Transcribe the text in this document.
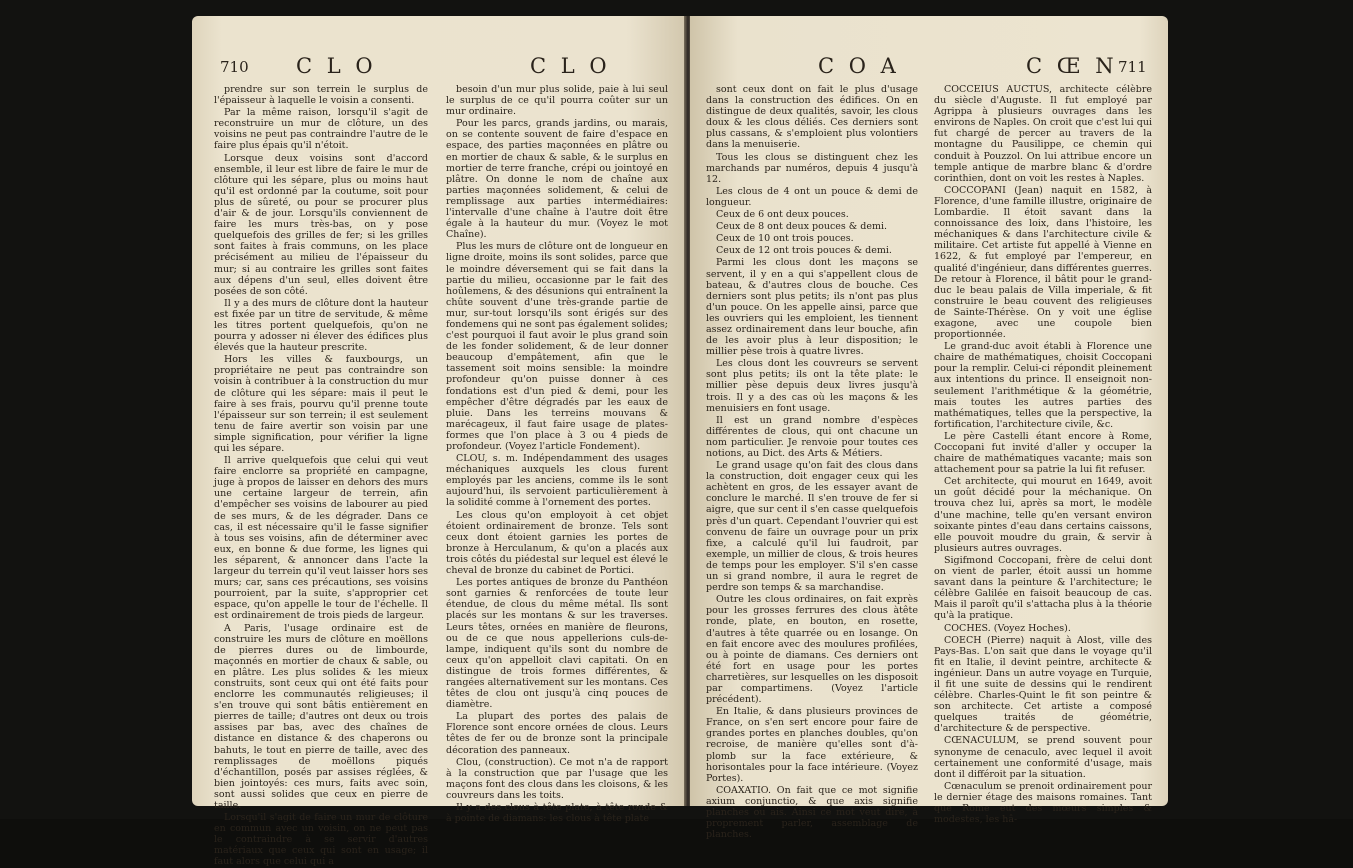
710 C L O	C L O

prendre sur son terrein le surplus de l'épaisseur à laquelle le voisin a consenti.

Par la même raison, lorsqu'il s'agit de reconstruire un mur de clôture, un des voisins ne peut pas contraindre l'autre de le faire plus épais qu'il n'étoit.

Lorsque deux voisins sont d'accord ensemble, il leur est libre de faire le mur de clôture qui les sépare, plus ou moins haut qu'il est ordonné par la coutume, soit pour plus de sûreté, ou pour se procurer plus d'air & de jour. Lorsqu'ils conviennent de faire les murs très-bas, on y pose quelquefois des grilles de fer; si les grilles sont faites à frais communs, on les place précisément au milieu de l'épaisseur du mur; si au contraire les grilles sont faites aux dépens d'un seul, elles doivent être posées de son côté.

Il y a des murs de clôture dont la hauteur est fixée par un titre de servitude, & même les titres portent quelquefois, qu'on ne pourra y adosser ni élever des édifices plus élevés que la hauteur prescrite.

Hors les villes & fauxbourgs, un propriétaire ne peut pas contraindre son voisin à contribuer à la construction du mur de clôture qui les sépare: mais il peut le faire à ses frais, pourvu qu'il prenne toute l'épaisseur sur son terrein; il est seulement tenu de faire avertir son voisin par une simple signification, pour vérifier la ligne qui les sépare.

Il arrive quelquefois que celui qui veut faire enclorre sa propriété en campagne, juge à propos de laisser en dehors des murs une certaine largeur de terrein, afin d'empêcher ses voisins de labourer au pied de ses murs, & de les dégrader. Dans ce cas, il est nécessaire qu'il le fasse signifier à tous ses voisins, afin de déterminer avec eux, en bonne & due forme, les lignes qui les séparent, & annoncer dans l'acte la largeur du terrein qu'il veut laisser hors ses murs; car, sans ces précautions, ses voisins pourroient, par la suite, s'approprier cet espace, qu'on appelle le tour de l'échelle. Il est ordinairement de trois pieds de largeur.

A Paris, l'usage ordinaire est de construire les murs de clôture en moëllons de pierres dures ou de limbourde, maçonnés en mortier de chaux & sable, ou en plâtre. Les plus solides & les mieux construits, sont ceux qui ont été faits pour enclorre les communautés religieuses; il s'en trouve qui sont bâtis entièrement en pierres de taille; d'autres ont deux ou trois assises par bas, avec des chaînes de distance en distance & des chaperons ou bahuts, le tout en pierre de taille, avec des remplissages de moëllons piqués d'échantillon, posés par assises réglées, & bien jointoyés: ces murs, faits avec soin, sont aussi solides que ceux en pierre de taille.

Lorsqu'il s'agit de faire un mur de clôture en commun avec un voisin, on ne peut pas le contraindre à se servir d'autres matériaux que ceux qui sont en usage; il faut alors que celui qui a

besoin d'un mur plus solide, paie à lui seul le surplus de ce qu'il pourra coûter sur un mur ordinaire.

Pour les parcs, grands jardins, ou marais, on se contente souvent de faire d'espace en espace, des parties maçonnées en plâtre ou en mortier de chaux & sable, & le surplus en mortier de terre franche, crépi ou jointoyé en plâtre. On donne le nom de chaîne aux parties maçonnées solidement, & celui de remplissage aux parties intermédiaires: l'intervalle d'une chaîne à l'autre doit être égale à la hauteur du mur. (Voyez le mot Chaîne).

Plus les murs de clôture ont de longueur en ligne droite, moins ils sont solides, parce que le moindre déversement qui se fait dans la partie du milieu, occasionne par le fait des hoûlemens, & des désunions qui entraînent la chûte souvent d'une très-grande partie de mur, sur-tout lorsqu'ils sont érigés sur des fondemens qui ne sont pas également solides; c'est pourquoi il faut avoir le plus grand soin de les fonder solidement, & de leur donner beaucoup d'empâtement, afin que le tassement soit moins sensible: la moindre profondeur qu'on puisse donner à ces fondations est d'un pied & demi, pour les empêcher d'être dégradés par les eaux de pluie. Dans les terreins mouvans & marécageux, il faut faire usage de plates-formes que l'on place à 3 ou 4 pieds de profondeur. (Voyez l'article Fondement).

CLOU, s. m. Indépendamment des usages méchaniques auxquels les clous furent employés par les anciens, comme ils le sont aujourd'hui, ils servoient particulièrement à la solidité comme à l'ornement des portes.

Les clous qu'on employoit à cet objet étoient ordinairement de bronze. Tels sont ceux dont étoient garnies les portes de bronze à Herculanum, & qu'on a placés aux trois côtés du piédestal sur lequel est élevé le cheval de bronze du cabinet de Portici.

Les portes antiques de bronze du Panthéon sont garnies & renforcées de toute leur étendue, de clous du même métal. Ils sont placés sur les montans & sur les traverses. Leurs têtes, ornées en manière de fleurons, ou de ce que nous appellerions culs-de-lampe, indiquent qu'ils sont du nombre de ceux qu'on appelloit clavi capitati. On en distingue de trois formes différentes, & rangées alternativement sur les montans. Ces têtes de clou ont jusqu'à cinq pouces de diamètre.

La plupart des portes des palais de Florence sont encore ornées de clous. Leurs têtes de fer ou de bronze sont la principale décoration des panneaux.

Clou, (construction). Ce mot n'a de rapport à la construction que par l'usage que les maçons font des clous dans les cloisons, & les couvreurs dans les toits.

Il y a des clous à tête plate, à tête ronde & à pointe de diamans: les clous à tête plate

C O A	C Œ N 711

sont ceux dont on fait le plus d'usage dans la construction des édifices. On en distingue de deux qualités, savoir, les clous doux & les clous déliés. Ces derniers sont plus cassans, & s'emploient plus volontiers dans la menuiserie.

Tous les clous se distinguent chez les marchands par numéros, depuis 4 jusqu'à 12.

Les clous de 4 ont un pouce & demi de longueur.

Ceux de 6 ont deux pouces.

Ceux de 8 ont deux pouces & demi.

Ceux de 10 ont trois pouces.

Ceux de 12 ont trois pouces & demi.

Parmi les clous dont les maçons se servent, il y en a qui s'appellent clous de bateau, & d'autres clous de bouche. Ces derniers sont plus petits; ils n'ont pas plus d'un pouce. On les appelle ainsi, parce que les ouvriers qui les emploient, les tiennent assez ordinairement dans leur bouche, afin de les avoir plus à leur disposition; le millier pèse trois à quatre livres.

Les clous dont les couvreurs se servent sont plus petits; ils ont la tête plate: le millier pèse depuis deux livres jusqu'à trois. Il y a des cas où les maçons & les menuisiers en font usage.

Il est un grand nombre d'espèces différentes de clous, qui ont chacune un nom particulier. Je renvoie pour toutes ces notions, au Dict. des Arts & Métiers.

Le grand usage qu'on fait des clous dans la construction, doit engager ceux qui les achètent en gros, de les essayer avant de conclure le marché. Il s'en trouve de fer si aigre, que sur cent il s'en casse quelquefois près d'un quart. Cependant l'ouvrier qui est convenu de faire un ouvrage pour un prix fixe, a calculé qu'il lui faudroit, par exemple, un millier de clous, & trois heures de temps pour les employer. S'il s'en casse un si grand nombre, il aura le regret de perdre son temps & sa marchandise.

Outre les clous ordinaires, on fait exprès pour les grosses ferrures des clous àtête ronde, plate, en bouton, en rosette, d'autres à tête quarrée ou en losange. On en fait encore avec des moulures profilées, ou à pointe de diamans. Ces derniers ont été fort en usage pour les portes charretières, sur lesquelles on les disposoit par compartimens. (Voyez l'article précédent).

En Italie, & dans plusieurs provinces de France, on s'en sert encore pour faire de grandes portes en planches doubles, qu'on recroise, de manière qu'elles sont d'à-plomb sur la face extérieure, & horisontales pour la face intérieure. (Voyez Portes).

COAXATIO. On fait que ce mot signifie axium conjunctio, & que axis signifie planches ou ais. Ainsi ce mot veut dire, à proprement parler, assemblage de planches.

COCCEIUS AUCTUS, architecte célèbre du siècle d'Auguste. Il fut employé par Agrippa à plusieurs ouvrages dans les environs de Naples. On croit que c'est lui qui fut chargé de percer au travers de la montagne du Pausilippe, ce chemin qui conduit à Pouzzol. On lui attribue encore un temple antique de marbre blanc & d'ordre corinthien, dont on voit les restes à Naples.

COCCOPANI (Jean) naquit en 1582, à Florence, d'une famille illustre, originaire de Lombardie. Il étoit savant dans la connoissance des loix, dans l'histoire, les méchaniques & dans l'architecture civile & militaire. Cet artiste fut appellé à Vienne en 1622, & fut employé par l'empereur, en qualité d'ingénieur, dans différentes guerres. De retour à Florence, il bâtit pour le grand-duc le beau palais de Villa imperiale, & fit construire le beau couvent des religieuses de Sainte-Thérèse. On y voit une église exagone, avec une coupole bien proportionnée.

Le grand-duc avoit établi à Florence une chaire de mathématiques, choisit Coccopani pour la remplir. Celui-ci répondit pleinement aux intentions du prince. Il enseignoit non-seulement l'arithmétique & la géométrie, mais toutes les autres parties des mathématiques, telles que la perspective, la fortification, l'architecture civile, &c.

Le père Castelli étant encore à Rome, Coccopani fut invité d'aller y occuper la chaire de mathématiques vacante; mais son attachement pour sa patrie la lui fit refuser.

Cet architecte, qui mourut en 1649, avoit un goût décidé pour la méchanique. On trouva chez lui, après sa mort, le modèle d'une machine, telle qu'en versant environ soixante pintes d'eau dans certains caissons, elle pouvoit moudre du grain, & servir à plusieurs autres ouvrages.

Sigifmond Coccopani, frère de celui dont on vient de parler, étoit aussi un homme savant dans la peinture & l'architecture; le célèbre Galilée en faisoit beaucoup de cas. Mais il paroît qu'il s'attacha plus à la théorie qu'à la pratique.

COCHES. (Voyez Hoches).

COECH (Pierre) naquit à Alost, ville des Pays-Bas. L'on sait que dans le voyage qu'il fit en Italie, il devint peintre, architecte & ingénieur. Dans un autre voyage en Turquie, il fit une suite de dessins qui le rendirent célèbre. Charles-Quint le fit son peintre & son architecte. Cet artiste a composé quelques traités de géométrie, d'architecture & de perspective.

CŒNACULUM, se prend souvent pour synonyme de cenaculo, avec lequel il avoit certainement une conformité d'usage, mais dont il différoit par la situation.

Cœnaculum se prenoit ordinairement pour le dernier étage des maisons romaines. Tant que Rome eut des mœurs simples & modestes, les hâ-
